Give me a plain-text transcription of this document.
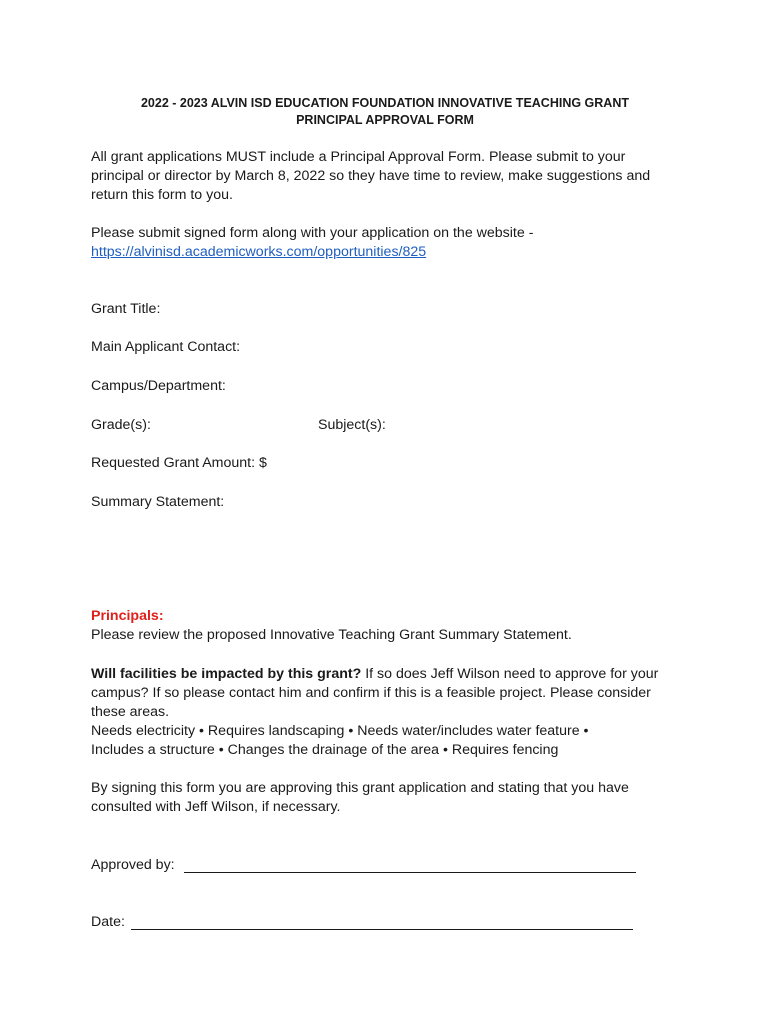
2022 - 2023 ALVIN ISD EDUCATION FOUNDATION INNOVATIVE TEACHING GRANT
PRINCIPAL APPROVAL FORM
All grant applications MUST include a Principal Approval Form. Please submit to your principal or director by March 8, 2022 so they have time to review, make suggestions and return this form to you.
Please submit signed form along with your application on the website -
https://alvinisd.academicworks.com/opportunities/825
Grant Title:
Main Applicant Contact:
Campus/Department:
Grade(s):	Subject(s):
Requested Grant Amount: $
Summary Statement:
Principals:
Please review the proposed Innovative Teaching Grant Summary Statement.
Will facilities be impacted by this grant? If so does Jeff Wilson need to approve for your campus? If so please contact him and confirm if this is a feasible project. Please consider these areas.
Needs electricity • Requires landscaping • Needs water/includes water feature •
Includes a structure • Changes the drainage of the area • Requires fencing
By signing this form you are approving this grant application and stating that you have consulted with Jeff Wilson, if necessary.
Approved by:
Date:
